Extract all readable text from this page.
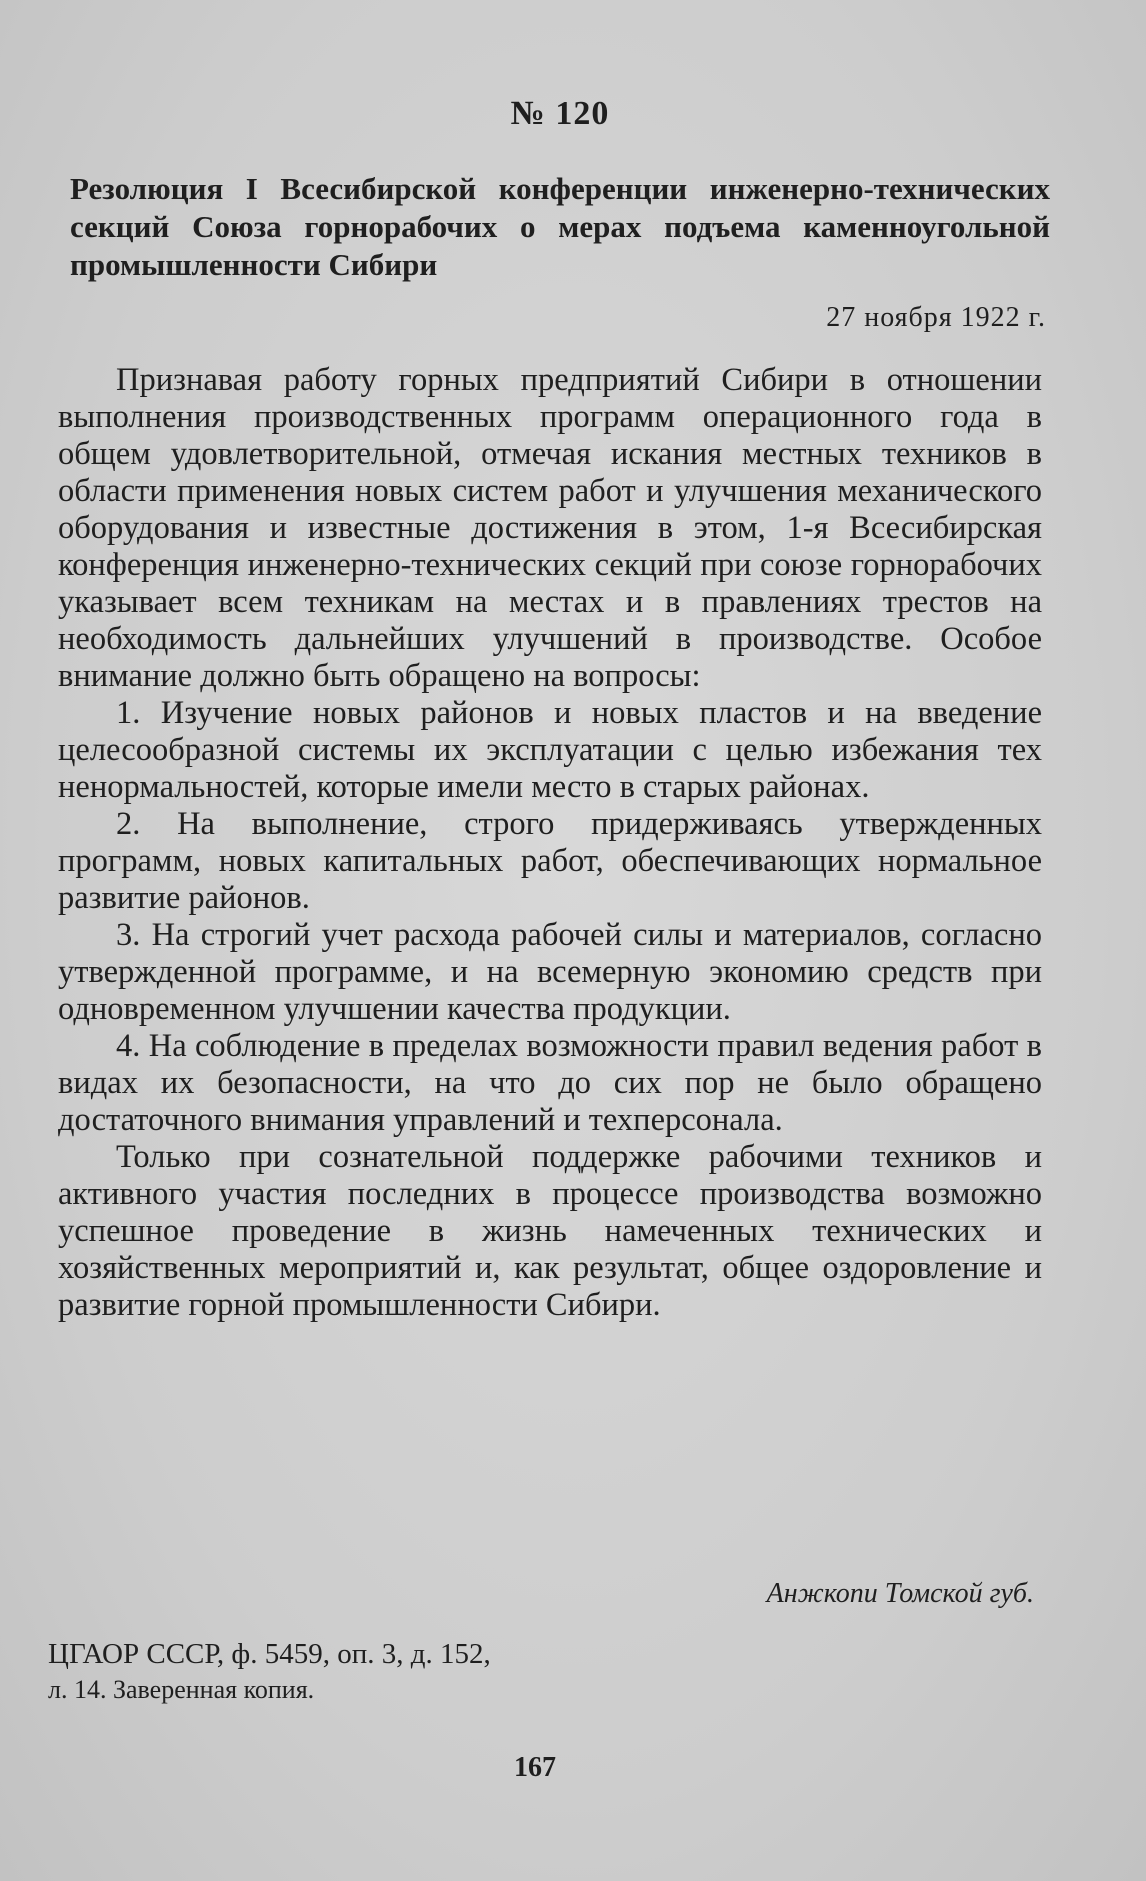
№ 120
Резолюция I Всесибирской конференции инженерно-технических секций Союза горнорабочих о мерах подъема каменноугольной промышленности Сибири
27 ноября 1922 г.

Признавая работу горных предприятий Сибири в отношении выполнения производственных программ операционного года в общем удовлетворительной, отмечая искания местных техников в области применения новых систем работ и улучшения механического оборудования и известные достижения в этом, 1-я Всесибирская конференция инженерно-технических секций при союзе горнорабочих указывает всем техникам на местах и в правлениях трестов на необходимость дальнейших улучшений в производстве. Особое внимание должно быть обращено на вопросы:

1. Изучение новых районов и новых пластов и на введение целесообразной системы их эксплуатации с целью избежания тех ненормальностей, которые имели место в старых районах.

2. На выполнение, строго придерживаясь утвержденных программ, новых капитальных работ, обеспечивающих нормальное развитие районов.

3. На строгий учет расхода рабочей силы и материалов, согласно утвержденной программе, и на всемерную экономию средств при одновременном улучшении качества продукции.

4. На соблюдение в пределах возможности правил ведения работ в видах их безопасности, на что до сих пор не было обращено достаточного внимания управлений и техперсонала.

Только при сознательной поддержке рабочими техников и активного участия последних в процессе производства возможно успешное проведение в жизнь намеченных технических и хозяйственных мероприятий и, как результат, общее оздоровление и развитие горной промышленности Сибири.

Анжкопи Томской губ.
ЦГАОР СССР, ф. 5459, оп. 3, д. 152,
л. 14. Заверенная копия.
167
